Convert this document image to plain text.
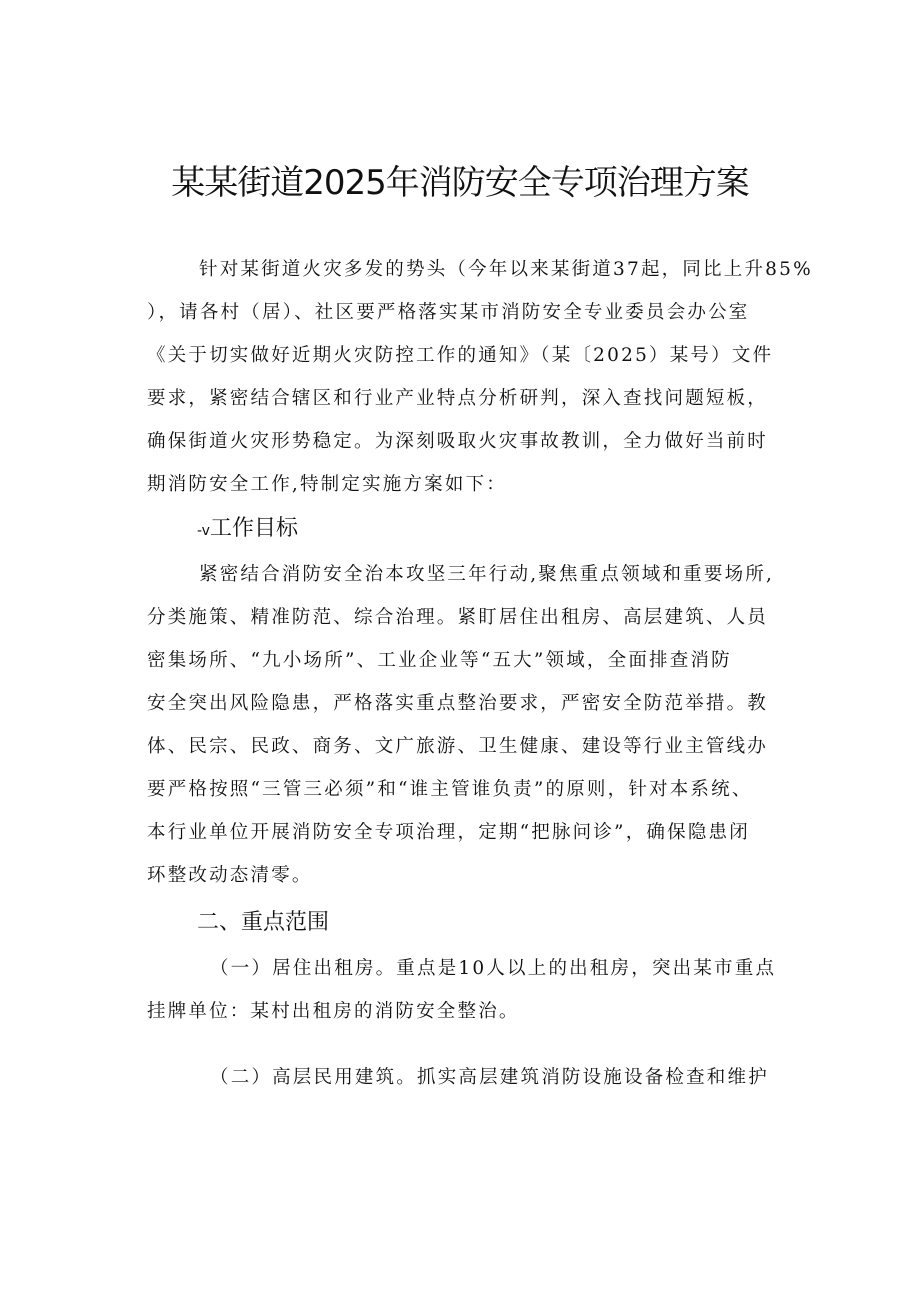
某某街道2025年消防安全专项治理方案
针对某街道火灾多发的势头（今年以来某街道37起，同比上升85%
），请各村（居）、社区要严格落实某市消防安全专业委员会办公室
《关于切实做好近期火灾防控工作的通知》（某〔2025）某号）文件
要求，紧密结合辖区和行业产业特点分析研判，深入查找问题短板，
确保街道火灾形势稳定。为深刻吸取火灾事故教训，全力做好当前时
期消防安全工作,特制定实施方案如下：
-v工作目标
紧密结合消防安全治本攻坚三年行动,聚焦重点领域和重要场所,
分类施策、精准防范、综合治理。紧盯居住出租房、高层建筑、人员
密集场所、“九小场所”、工业企业等“五大”领域，全面排查消防
安全突出风险隐患，严格落实重点整治要求，严密安全防范举措。教
体、民宗、民政、商务、文广旅游、卫生健康、建设等行业主管线办
要严格按照“三管三必须”和“谁主管谁负责”的原则，针对本系统、
本行业单位开展消防安全专项治理，定期“把脉问诊”，确保隐患闭
环整改动态清零。
二、重点范围
（一）居住出租房。重点是10人以上的出租房，突出某市重点
挂牌单位：某村出租房的消防安全整治。
（二）高层民用建筑。抓实高层建筑消防设施设备检查和维护
